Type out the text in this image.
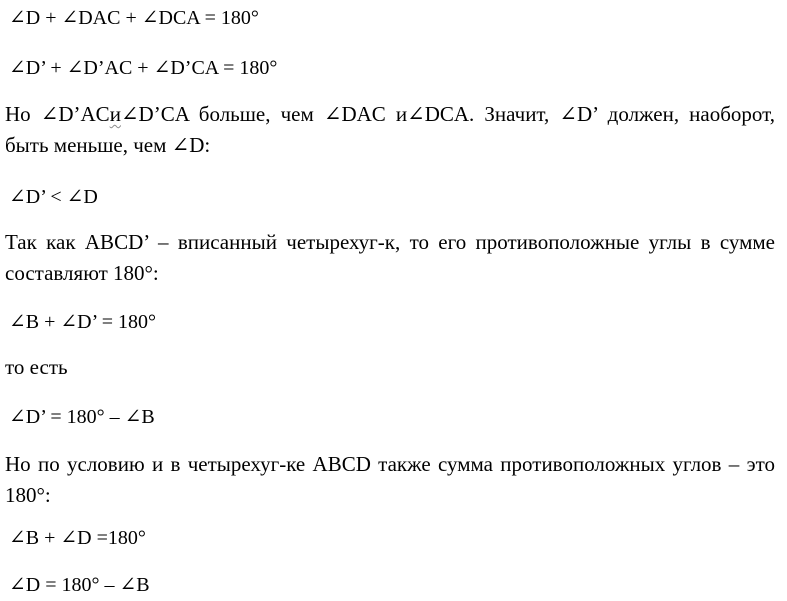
∠D + ∠DAC + ∠DCA = 180°
∠D’ + ∠D’AC + ∠D’CA = 180°
Но ∠D’ACи∠D’CA больше, чем ∠DAC и∠DCA. Значит, ∠D’ должен, наоборот, быть меньше, чем ∠D:
∠D’ < ∠D
Так как ABCD’ – вписанный четырехуг-к, то его противоположные углы в сумме составляют 180°:
∠B + ∠D’ = 180°
то есть
∠D’ = 180° – ∠B
Но по условию и в четырехуг-ке ABCD также сумма противоположных углов – это 180°:
∠B + ∠D =180°
∠D = 180° – ∠B
